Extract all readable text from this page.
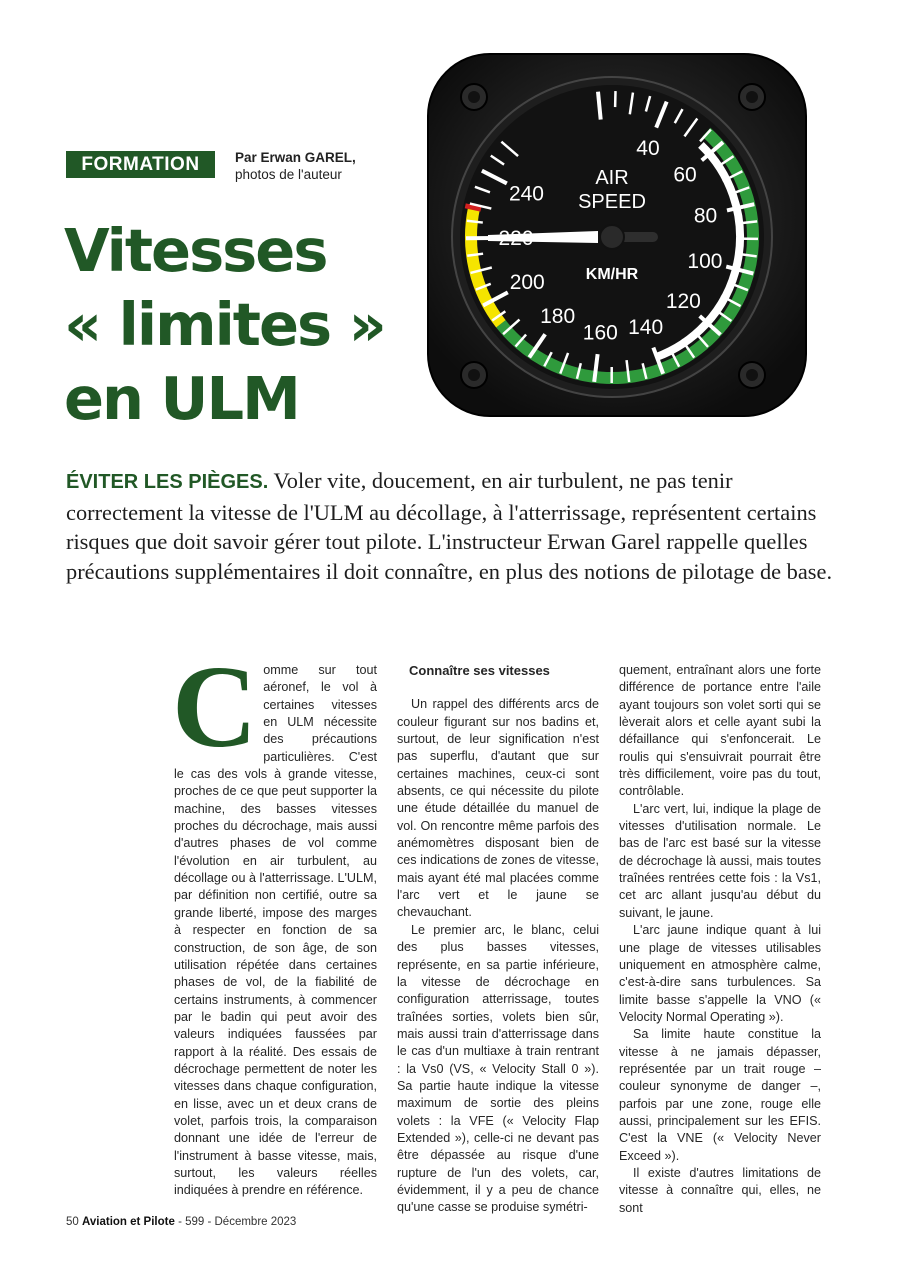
FORMATION	Par Erwan GAREL,
photos de l'auteur
Vitesses
« limites »
en ULM
40
60
80
100
120
140
160
180
200
240
AIR
SPEED
KM/HR

ÉVITER LES PIÈGES. Voler vite, doucement, en air turbulent, ne pas tenir correctement la vitesse de l'ULM au décollage, à l'atterrissage, représentent certains risques que doit savoir gérer tout pilote. L'instructeur Erwan Garel rappelle quelles précautions supplémentaires il doit connaître, en plus des notions de pilotage de base.

C omme sur tout aéronef, le vol à certaines vitesses en ULM nécessite des précautions particulières. C'est le cas des vols à grande vitesse, proches de ce que peut supporter la machine, des basses vitesses proches du décrochage, mais aussi d'autres phases de vol comme l'évolution en air turbulent, au décollage ou à l'atterrissage. L'ULM, par définition non certifié, outre sa grande liberté, impose des marges à respecter en fonction de sa construction, de son âge, de son utilisation répétée dans certaines phases de vol, de la fiabilité de certains instruments, à commencer par le badin qui peut avoir des valeurs indiquées faussées par rapport à la réalité. Des essais de décrochage permettent de noter les vitesses dans chaque configuration, en lisse, avec un et deux crans de volet, parfois trois, la comparaison donnant une idée de l'erreur de l'instrument à basse vitesse, mais, surtout, les valeurs réelles indiquées à prendre en référence.

Connaître ses vitesses

Un rappel des différents arcs de couleur figurant sur nos badins et, surtout, de leur signification n'est pas superflu, d'autant que sur certaines machines, ceux-ci sont absents, ce qui nécessite du pilote une étude détaillée du manuel de vol. On rencontre même parfois des anémomètres disposant bien de ces indications de zones de vitesse, mais ayant été mal placées comme l'arc vert et le jaune se chevauchant.

Le premier arc, le blanc, celui des plus basses vitesses, représente, en sa partie inférieure, la vitesse de décrochage en configuration atterrissage, toutes traînées sorties, volets bien sûr, mais aussi train d'atterrissage dans le cas d'un multiaxe à train rentrant : la Vs0 (VS, « Velocity Stall 0 »). Sa partie haute indique la vitesse maximum de sortie des pleins volets : la VFE (« Velocity Flap Extended »), celle-ci ne devant pas être dépassée au risque d'une rupture de l'un des volets, car, évidemment, il y a peu de chance qu'une casse se produise symétri-

quement, entraînant alors une forte différence de portance entre l'aile ayant toujours son volet sorti qui se lèverait alors et celle ayant subi la défaillance qui s'enfoncerait. Le roulis qui s'ensuivrait pourrait être très difficilement, voire pas du tout, contrôlable.

L'arc vert, lui, indique la plage de vitesses d'utilisation normale. Le bas de l'arc est basé sur la vitesse de décrochage là aussi, mais toutes traînées rentrées cette fois : la Vs1, cet arc allant jusqu'au début du suivant, le jaune.

L'arc jaune indique quant à lui une plage de vitesses utilisables uniquement en atmosphère calme, c'est-à-dire sans turbulences. Sa limite basse s'appelle la VNO (« Velocity Normal Operating »).

Sa limite haute constitue la vitesse à ne jamais dépasser, représentée par un trait rouge – couleur synonyme de danger –, parfois par une zone, rouge elle aussi, principalement sur les EFIS. C'est la VNE (« Velocity Never Exceed »).

Il existe d'autres limitations de vitesse à connaître qui, elles, ne sont

50 Aviation et Pilote - 599 - Décembre 2023
